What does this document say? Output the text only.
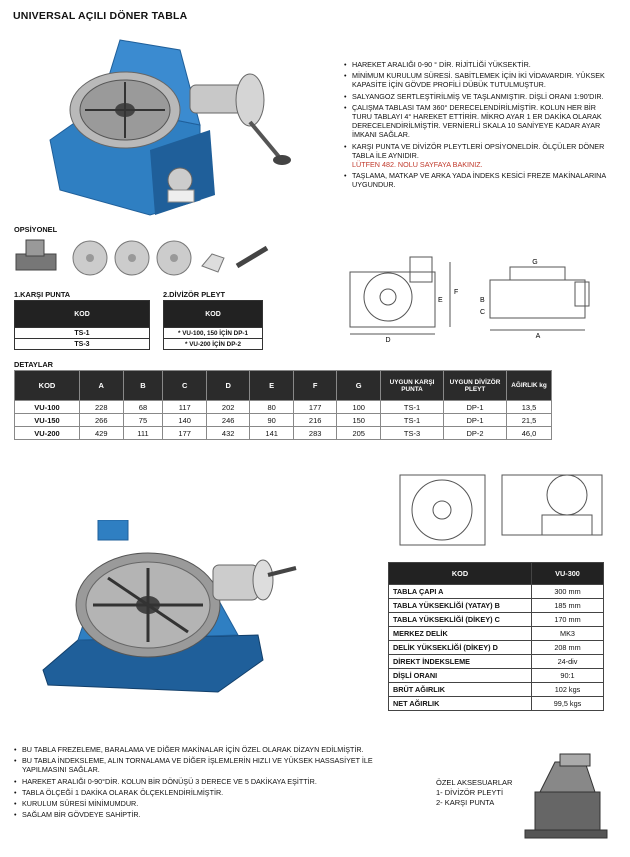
UNIVERSAL AÇILI DÖNER TABLA
• HAREKET ARALIĞI 0-90 ° DİR. RİJİTLİĞİ YÜKSEKTİR.
• MİNİMUM KURULUM SÜRESİ. SABİTLEMEK İÇİN İKİ VİDAVARDIR. YÜKSEK KAPASİTE İÇİN GÖVDE PROFİLİ DÜBÜK TUTULMUŞTUR.
• SALYANGOZ SERTLEŞTİRİLMİŞ VE TAŞLANMIŞTIR. DİŞLİ ORANI 1:90'DIR.
• ÇALIŞMA TABLASI TAM 360° DERECELENDİRİLMİŞTİR. KOLUN HER BİR TURU TABLAYI 4° HAREKET ETTİRİR. MİKRO AYAR 1 ER DAKİKA OLARAK DERECELENDİRİLMİŞTİR. VERNİERLİ SKALA 10 SANİYEYE KADAR AYAR İMKANI SAĞLAR.
• KARŞI PUNTA VE DİVİZÖR PLEYTLERİ OPSİYONELDİR. ÖLÇÜLER DÖNER TABLA İLE AYNIDIR.
LÜTFEN 482. NOLU SAYFAYA BAKINIZ.
• TAŞLAMA, MATKAP VE ARKA YADA İNDEKS KESİCİ FREZE MAKİNALARINA UYGUNDUR.
OPSİYONEL
1.KARŞI PUNTA
KOD
TS-1
TS-3
2.DİVİZÖR PLEYT
KOD
* VU-100, 150 İÇİN DP-1
* VU-200 İÇİN DP-2	D
F
E
A
G
B
C
DETAYLAR
KOD	A	B	C	D	E	F	G	UYGUN KARŞI PUNTA	UYGUN DİVİZÖR PLEYT	AĞIRLIK kg
VU-100	228	68	117	202	80	177	100	TS-1	DP-1	13,5
VU-150	266	75	140	246	90	216	150	TS-1	DP-1	21,5
VU-200	429	111	177	432	141	283	205	TS-3	DP-2	46,0
KOD	VU-300
TABLA ÇAPI A	300 mm
TABLA YÜKSEKLİĞİ (YATAY) B	185 mm
TABLA YÜKSEKLİĞİ (DİKEY) C	170 mm
MERKEZ DELİK	MK3
DELİK YÜKSEKLİĞİ (DİKEY) D	208 mm
DİREKT İNDEKSLEME	24-div
DİŞLİ ORANI	90:1
BRÜT AĞIRLIK	102 kgs
NET AĞIRLIK	99,5 kgs
• BU TABLA FREZELEME, BARALAMA VE DİĞER MAKİNALAR İÇİN ÖZEL OLARAK DİZAYN EDİLMİŞTİR.
• BU TABLA İNDEKSLEME, ALIN TORNALAMA VE DİĞER İŞLEMLERİN HIZLI VE YÜKSEK HASSASİYET İLE YAPILMASINI SAĞLAR.
• HAREKET ARALIĞI 0-90°DİR. KOLUN BİR DÖNÜŞÜ 3 DERECE VE 5 DAKİKAYA EŞİTTİR.
• TABLA ÖLÇEĞİ 1 DAKİKA OLARAK ÖLÇEKLENDİRİLMİŞTİR.
• KURULUM SÜRESİ MİNİMUMDUR.
• SAĞLAM BİR GÖVDEYE SAHİPTİR.
ÖZEL AKSESUARLAR
1- DİVİZÖR PLEYTİ
2- KARŞI PUNTA
